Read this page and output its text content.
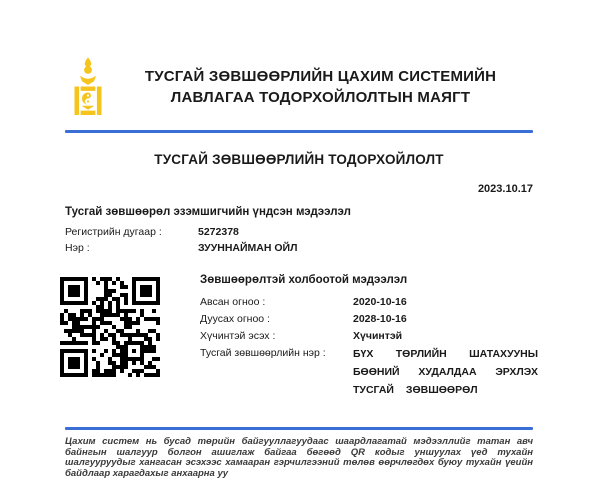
ТУСГАЙ ЗӨВШӨӨРЛИЙН ЦАХИМ СИСТЕМИЙН
ЛАВЛАГАА ТОДОРХОЙЛОЛТЫН МАЯГТ
ТУСГАЙ ЗӨВШӨӨРЛИЙН ТОДОРХОЙЛОЛТ
2023.10.17
Тусгай зөвшөөрөл эзэмшигчийн үндсэн мэдээлэл
Регистрийн дугаар :	5272378
Нэр :	ЗУУННАЙМАН ОЙЛ
Зөвшөөрөлтэй холбоотой мэдээлэл
Авсан огноо :	2020-10-16
Дуусах огноо :	2028-10-16
Хүчинтэй эсэх :	Хүчинтэй
Тусгай зөвшөөрлийн нэр :	БҮХ ТӨРЛИЙН ШАТАХУУНЫ БӨӨНИЙ ХУДАЛДАА ЭРХЛЭХ ТУСГАЙ ЗӨВШӨӨРӨЛ
Цахим систем нь бусад төрийн байгууллагуудаас шаардлагатай мэдээллийг татан авч байнгын шалгуур болгон ашиглаж байгаа бөгөөд QR кодыг уншуулах үед тухайн шалгууруудыг хангасан эсэхээс хамааран гэрчилгээний төлөв өөрчлөгдөх буюу тухайн үеийн байдлаар харагдахыг анхаарна уу
